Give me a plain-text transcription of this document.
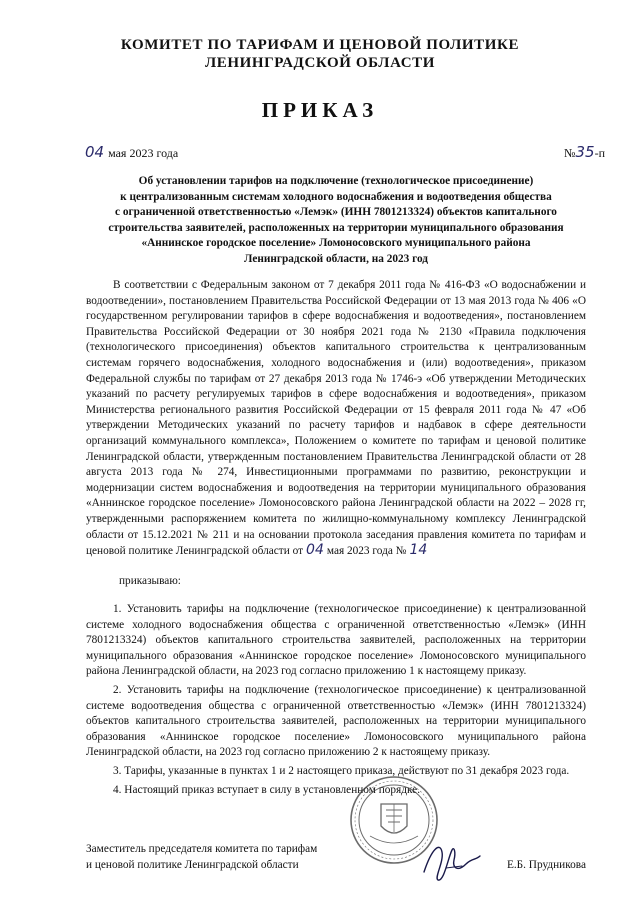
КОМИТЕТ ПО ТАРИФАМ И ЦЕНОВОЙ ПОЛИТИКЕ
ЛЕНИНГРАДСКОЙ ОБЛАСТИ
ПРИКАЗ
04 мая 2023 года	№35-п
Об установлении тарифов на подключение (технологическое присоединение)
к централизованным системам холодного водоснабжения и водоотведения общества
с ограниченной ответственностью «Лемэк» (ИНН 7801213324) объектов капитального
строительства заявителей, расположенных на территории муниципального образования
«Аннинское городское поселение» Ломоносовского муниципального района
Ленинградской области, на 2023 год

В соответствии с Федеральным законом от 7 декабря 2011 года № 416-ФЗ «О водоснабжении и водоотведении», постановлением Правительства Российской Федерации от 13 мая 2013 года № 406 «О государственном регулировании тарифов в сфере водоснабжения и водоотведения», постановлением Правительства Российской Федерации от 30 ноября 2021 года № 2130 «Правила подключения (технологического присоединения) объектов капитального строительства к централизованным системам горячего водоснабжения, холодного водоснабжения и (или) водоотведения», приказом Федеральной службы по тарифам от 27 декабря 2013 года № 1746-э «Об утверждении Методических указаний по расчету регулируемых тарифов в сфере водоснабжения и водоотведения», приказом Министерства регионального развития Российской Федерации от 15 февраля 2011 года № 47 «Об утверждении Методических указаний по расчету тарифов и надбавок в сфере деятельности организаций коммунального комплекса», Положением о комитете по тарифам и ценовой политике Ленинградской области, утвержденным постановлением Правительства Ленинградской области от 28 августа 2013 года № 274, Инвестиционными программами по развитию, реконструкции и модернизации систем водоснабжения и водоотведения на территории муниципального образования «Аннинское городское поселение» Ломоносовского района Ленинградской области на 2022 – 2028 гг, утвержденными распоряжением комитета по жилищно-коммунальному комплексу Ленинградской области от 15.12.2021 № 211 и на основании протокола заседания правления комитета по тарифам и ценовой политике Ленинградской области от 04 мая 2023 года № 14

приказываю:

1. Установить тарифы на подключение (технологическое присоединение) к централизованной системе холодного водоснабжения общества с ограниченной ответственностью «Лемэк» (ИНН 7801213324) объектов капитального строительства заявителей, расположенных на территории муниципального образования «Аннинское городское поселение» Ломоносовского муниципального района Ленинградской области, на 2023 год согласно приложению 1 к настоящему приказу.

2. Установить тарифы на подключение (технологическое присоединение) к централизованной системе водоотведения общества с ограниченной ответственностью «Лемэк» (ИНН 7801213324) объектов капитального строительства заявителей, расположенных на территории муниципального образования «Аннинское городское поселение» Ломоносовского муниципального района Ленинградской области, на 2023 год согласно приложению 2 к настоящему приказу.

3. Тарифы, указанные в пунктах 1 и 2 настоящего приказа, действуют по 31 декабря 2023 года.

4. Настоящий приказ вступает в силу в установленном порядке.

Заместитель председателя комитета по тарифам
и ценовой политике Ленинградской области	Е.Б. Прудникова
